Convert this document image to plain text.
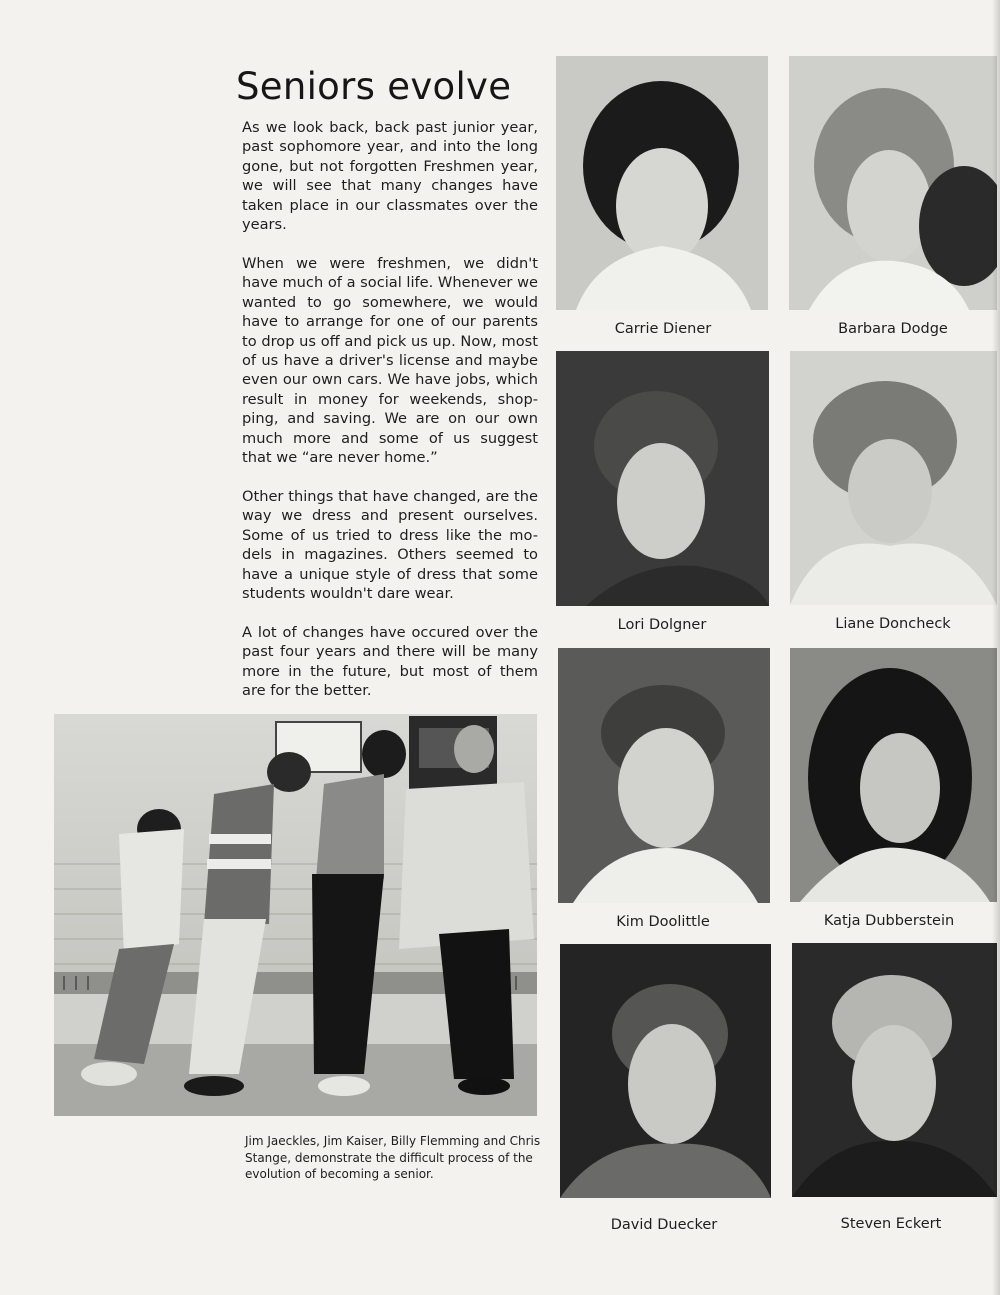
Seniors evolve

As we look back, back past junior year, past sophomore year, and into the long gone, but not forgotten Freshmen year, we will see that many changes have taken place in our classmates over the years.

When we were freshmen, we didn't have much of a social life. Whenever we wanted to go somewhere, we would have to arrange for one of our parents to drop us off and pick us up. Now, most of us have a driver's license and maybe even our own cars. We have jobs, which result in money for weekends, shop-ping, and saving. We are on our own much more and some of us suggest that we “are never home.”

Other things that have changed, are the way we dress and present ourselves. Some of us tried to dress like the mo-dels in magazines. Others seemed to have a unique style of dress that some students wouldn't dare wear.

A lot of changes have occured over the past four years and there will be many more in the future, but most of them are for the better.

Jim Jaeckles, Jim Kaiser, Billy Flemming and Chris Stange, demonstrate the difficult process of the evolution of becoming a senior.

Carrie Diener	Barbara Dodge

Lori Dolgner	Liane Doncheck

Kim Doolittle	Katja Dubberstein

David Duecker	Steven Eckert
